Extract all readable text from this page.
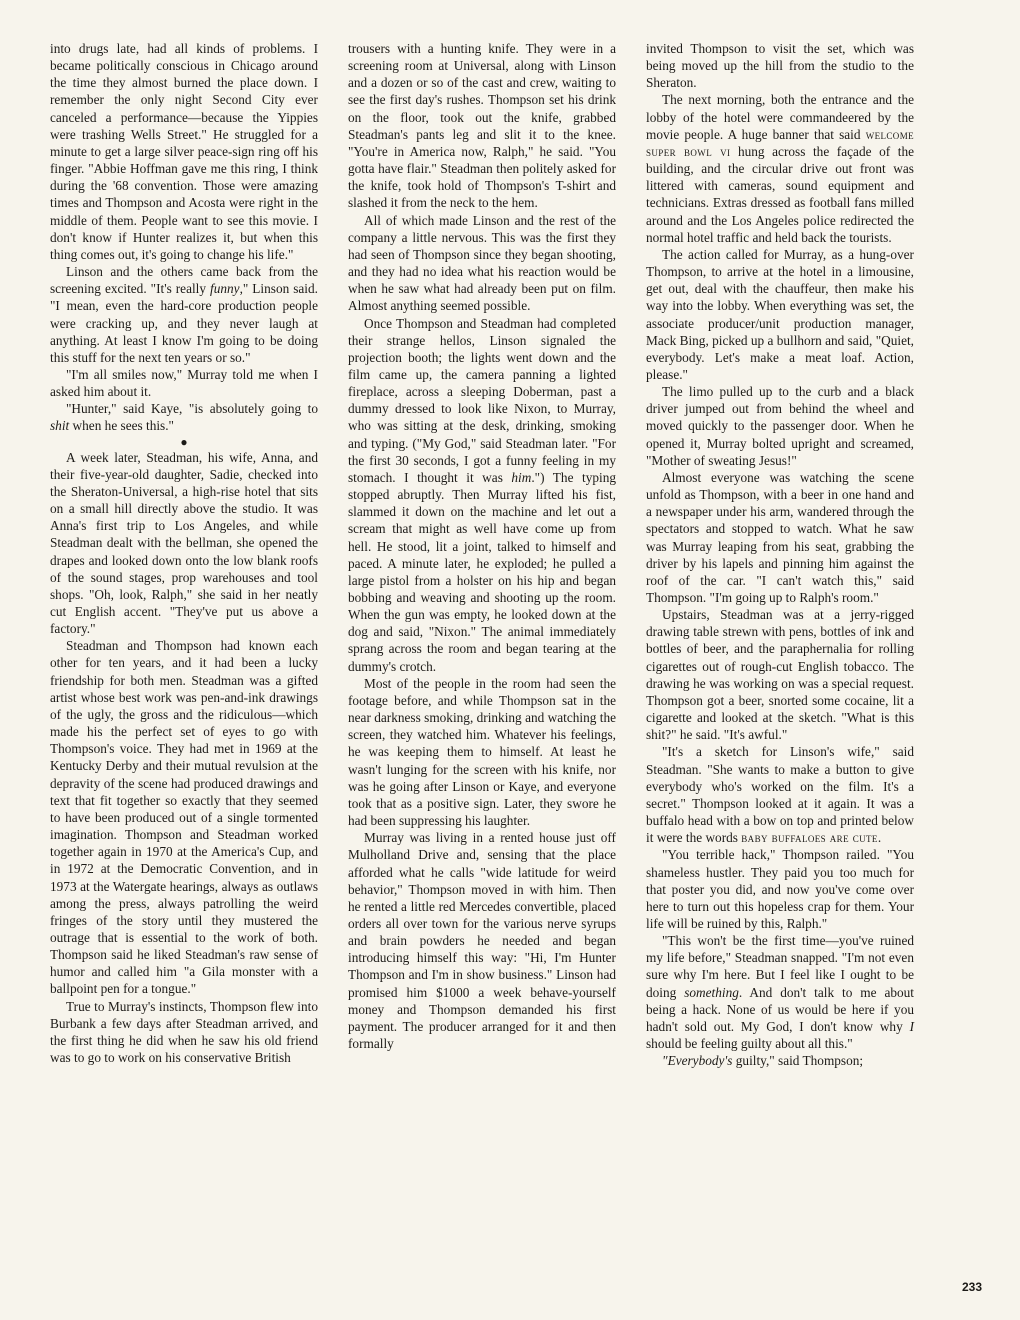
into drugs late, had all kinds of problems. I became politically conscious in Chicago around the time they almost burned the place down. I remember the only night Second City ever canceled a performance—because the Yippies were trashing Wells Street." He struggled for a minute to get a large silver peace-sign ring off his finger. "Abbie Hoffman gave me this ring, I think during the '68 convention. Those were amazing times and Thompson and Acosta were right in the middle of them. People want to see this movie. I don't know if Hunter realizes it, but when this thing comes out, it's going to change his life."

Linson and the others came back from the screening excited. "It's really funny," Linson said. "I mean, even the hard-core production people were cracking up, and they never laugh at anything. At least I know I'm going to be doing this stuff for the next ten years or so."

"I'm all smiles now," Murray told me when I asked him about it.

"Hunter," said Kaye, "is absolutely going to shit when he sees this."

●

A week later, Steadman, his wife, Anna, and their five-year-old daughter, Sadie, checked into the Sheraton-Universal, a high-rise hotel that sits on a small hill directly above the studio. It was Anna's first trip to Los Angeles, and while Steadman dealt with the bellman, she opened the drapes and looked down onto the low blank roofs of the sound stages, prop warehouses and tool shops. "Oh, look, Ralph," she said in her neatly cut English accent. "They've put us above a factory."

Steadman and Thompson had known each other for ten years, and it had been a lucky friendship for both men. Steadman was a gifted artist whose best work was pen-and-ink drawings of the ugly, the gross and the ridiculous—which made his the perfect set of eyes to go with Thompson's voice. They had met in 1969 at the Kentucky Derby and their mutual revulsion at the depravity of the scene had produced drawings and text that fit together so exactly that they seemed to have been produced out of a single tormented imagination. Thompson and Steadman worked together again in 1970 at the America's Cup, and in 1972 at the Democratic Convention, and in 1973 at the Watergate hearings, always as outlaws among the press, always patrolling the weird fringes of the story until they mustered the outrage that is essential to the work of both. Thompson said he liked Steadman's raw sense of humor and called him "a Gila monster with a ballpoint pen for a tongue."

True to Murray's instincts, Thompson flew into Burbank a few days after Steadman arrived, and the first thing he did when he saw his old friend was to go to work on his conservative British

trousers with a hunting knife. They were in a screening room at Universal, along with Linson and a dozen or so of the cast and crew, waiting to see the first day's rushes. Thompson set his drink on the floor, took out the knife, grabbed Steadman's pants leg and slit it to the knee. "You're in America now, Ralph," he said. "You gotta have flair." Steadman then politely asked for the knife, took hold of Thompson's T-shirt and slashed it from the neck to the hem.

All of which made Linson and the rest of the company a little nervous. This was the first they had seen of Thompson since they began shooting, and they had no idea what his reaction would be when he saw what had already been put on film. Almost anything seemed possible.

Once Thompson and Steadman had completed their strange hellos, Linson signaled the projection booth; the lights went down and the film came up, the camera panning a lighted fireplace, across a sleeping Doberman, past a dummy dressed to look like Nixon, to Murray, who was sitting at the desk, drinking, smoking and typing. ("My God," said Steadman later. "For the first 30 seconds, I got a funny feeling in my stomach. I thought it was him.") The typing stopped abruptly. Then Murray lifted his fist, slammed it down on the machine and let out a scream that might as well have come up from hell. He stood, lit a joint, talked to himself and paced. A minute later, he exploded; he pulled a large pistol from a holster on his hip and began bobbing and weaving and shooting up the room. When the gun was empty, he looked down at the dog and said, "Nixon." The animal immediately sprang across the room and began tearing at the dummy's crotch.

Most of the people in the room had seen the footage before, and while Thompson sat in the near darkness smoking, drinking and watching the screen, they watched him. Whatever his feelings, he was keeping them to himself. At least he wasn't lunging for the screen with his knife, nor was he going after Linson or Kaye, and everyone took that as a positive sign. Later, they swore he had been suppressing his laughter.

Murray was living in a rented house just off Mulholland Drive and, sensing that the place afforded what he calls "wide latitude for weird behavior," Thompson moved in with him. Then he rented a little red Mercedes convertible, placed orders all over town for the various nerve syrups and brain powders he needed and began introducing himself this way: "Hi, I'm Hunter Thompson and I'm in show business." Linson had promised him $1000 a week behave-yourself money and Thompson demanded his first payment. The producer arranged for it and then formally

invited Thompson to visit the set, which was being moved up the hill from the studio to the Sheraton.

The next morning, both the entrance and the lobby of the hotel were commandeered by the movie people. A huge banner that said welcome super bowl vi hung across the façade of the building, and the circular drive out front was littered with cameras, sound equipment and technicians. Extras dressed as football fans milled around and the Los Angeles police redirected the normal hotel traffic and held back the tourists.

The action called for Murray, as a hung-over Thompson, to arrive at the hotel in a limousine, get out, deal with the chauffeur, then make his way into the lobby. When everything was set, the associate producer/unit production manager, Mack Bing, picked up a bullhorn and said, "Quiet, everybody. Let's make a meat loaf. Action, please."

The limo pulled up to the curb and a black driver jumped out from behind the wheel and moved quickly to the passenger door. When he opened it, Murray bolted upright and screamed, "Mother of sweating Jesus!"

Almost everyone was watching the scene unfold as Thompson, with a beer in one hand and a newspaper under his arm, wandered through the spectators and stopped to watch. What he saw was Murray leaping from his seat, grabbing the driver by his lapels and pinning him against the roof of the car. "I can't watch this," said Thompson. "I'm going up to Ralph's room."

Upstairs, Steadman was at a jerry-rigged drawing table strewn with pens, bottles of ink and bottles of beer, and the paraphernalia for rolling cigarettes out of rough-cut English tobacco. The drawing he was working on was a special request. Thompson got a beer, snorted some cocaine, lit a cigarette and looked at the sketch. "What is this shit?" he said. "It's awful."

"It's a sketch for Linson's wife," said Steadman. "She wants to make a button to give everybody who's worked on the film. It's a secret." Thompson looked at it again. It was a buffalo head with a bow on top and printed below it were the words baby buffaloes are cute.

"You terrible hack," Thompson railed. "You shameless hustler. They paid you too much for that poster you did, and now you've come over here to turn out this hopeless crap for them. Your life will be ruined by this, Ralph."

"This won't be the first time—you've ruined my life before," Steadman snapped. "I'm not even sure why I'm here. But I feel like I ought to be doing something. And don't talk to me about being a hack. None of us would be here if you hadn't sold out. My God, I don't know why I should be feeling guilty about all this."

"Everybody's guilty," said Thompson;

233
